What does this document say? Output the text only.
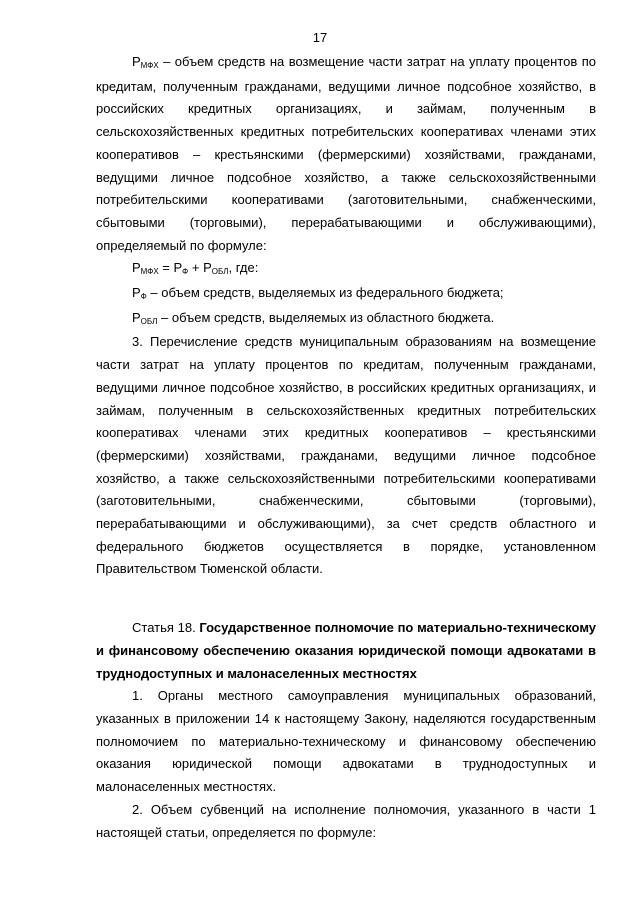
17

$Р_{МФХ}$ – объем средств на возмещение части затрат на уплату процентов по кредитам, полученным гражданами, ведущими личное подсобное хозяйство, в российских кредитных организациях, и займам, полученным в сельскохозяйственных кредитных потребительских кооперативах членами этих кооперативов – крестьянскими (фермерскими) хозяйствами, гражданами, ведущими личное подсобное хозяйство, а также сельскохозяйственными потребительскими кооперативами (заготовительными, снабженческими, сбытовыми (торговыми), перерабатывающими и обслуживающими), определяемый по формуле:

$Р_{МФХ} = Р_Ф + Р_{ОБЛ}$, где:

$Р_Ф$ – объем средств, выделяемых из федерального бюджета;

$Р_{ОБЛ}$ – объем средств, выделяемых из областного бюджета.

3. Перечисление средств муниципальным образованиям на возмещение части затрат на уплату процентов по кредитам, полученным гражданами, ведущими личное подсобное хозяйство, в российских кредитных организациях, и займам, полученным в сельскохозяйственных кредитных потребительских кооперативах членами этих кредитных кооперативов – крестьянскими (фермерскими) хозяйствами, гражданами, ведущими личное подсобное хозяйство, а также сельскохозяйственными потребительскими кооперативами (заготовительными, снабженческими, сбытовыми (торговыми), перерабатывающими и обслуживающими), за счет средств областного и федерального бюджетов осуществляется в порядке, установленном Правительством Тюменской области.

Статья 18. Государственное полномочие по материально-техническому и финансовому обеспечению оказания юридической помощи адвокатами в труднодоступных и малонаселенных местностях

1. Органы местного самоуправления муниципальных образований, указанных в приложении 14 к настоящему Закону, наделяются государственным полномочием по материально-техническому и финансовому обеспечению оказания юридической помощи адвокатами в труднодоступных и малонаселенных местностях.

2. Объем субвенций на исполнение полномочия, указанного в части 1 настоящей статьи, определяется по формуле:
